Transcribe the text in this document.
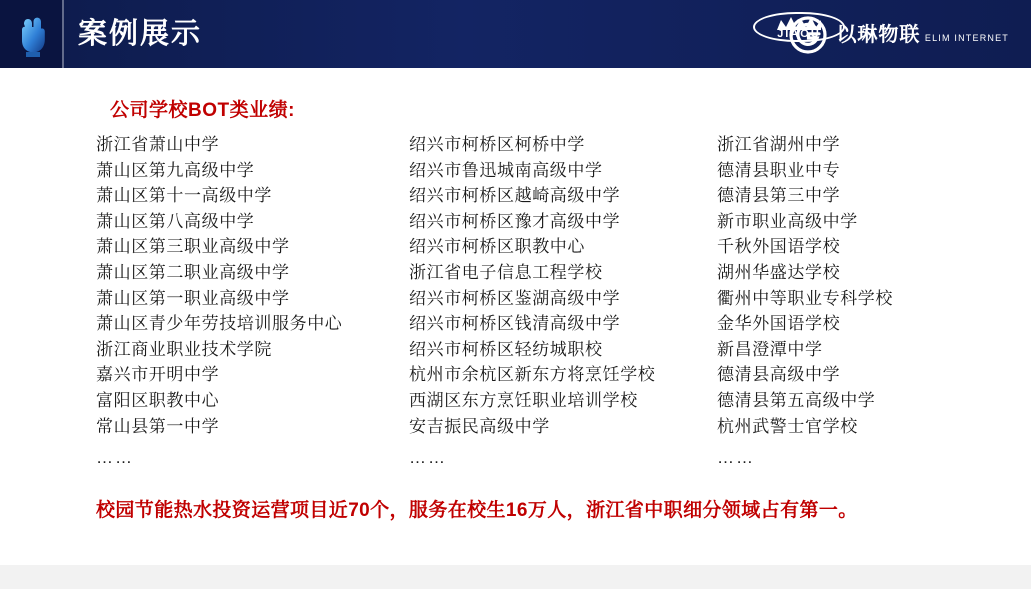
案例展示	JIAOU 以琳物联 ELIM INTERNET
公司学校BOT类业绩:
浙江省萧山中学
萧山区第九高级中学
萧山区第十一高级中学
萧山区第八高级中学
萧山区第三职业高级中学
萧山区第二职业高级中学
萧山区第一职业高级中学
萧山区青少年劳技培训服务中心
浙江商业职业技术学院
嘉兴市开明中学
富阳区职教中心
常山县第一中学
……
绍兴市柯桥区柯桥中学
绍兴市鲁迅城南高级中学
绍兴市柯桥区越崎高级中学
绍兴市柯桥区豫才高级中学
绍兴市柯桥区职教中心
浙江省电子信息工程学校
绍兴市柯桥区鉴湖高级中学
绍兴市柯桥区钱清高级中学
绍兴市柯桥区轻纺城职校
杭州市余杭区新东方将烹饪学校
西湖区东方烹饪职业培训学校
安吉振民高级中学
……
浙江省湖州中学
德清县职业中专
德清县第三中学
新市职业高级中学
千秋外国语学校
湖州华盛达学校
衢州中等职业专科学校
金华外国语学校
新昌澄潭中学
德清县高级中学
德清县第五高级中学
杭州武警士官学校
……
校园节能热水投资运营项目近70个，服务在校生16万人，浙江省中职细分领域占有第一。
